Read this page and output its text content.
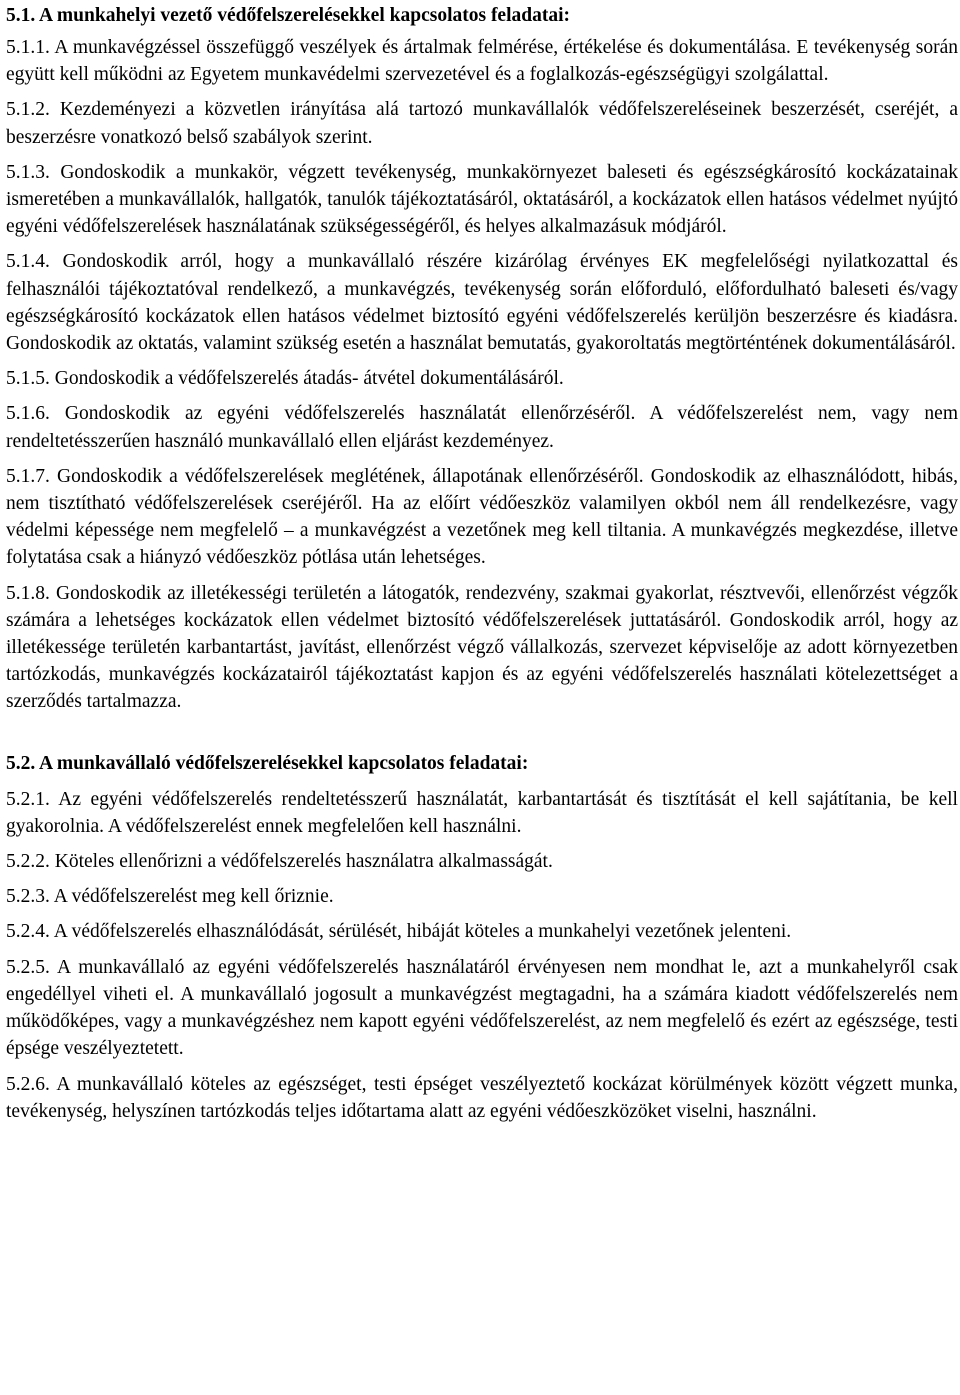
5.1. A munkahelyi vezető védőfelszerelésekkel kapcsolatos feladatai:

5.1.1. A munkavégzéssel összefüggő veszélyek és ártalmak felmérése, értékelése és dokumentálása. E tevékenység során együtt kell működni az Egyetem munkavédelmi szervezetével és a foglalkozás-egészségügyi szolgálattal.

5.1.2. Kezdeményezi a közvetlen irányítása alá tartozó munkavállalók védőfelszereléseinek beszerzését, cseréjét, a beszerzésre vonatkozó belső szabályok szerint.

5.1.3. Gondoskodik a munkakör, végzett tevékenység, munkakörnyezet baleseti és egészségkárosító kockázatainak ismeretében a munkavállalók, hallgatók, tanulók tájékoztatásáról, oktatásáról, a kockázatok ellen hatásos védelmet nyújtó egyéni védőfelszerelések használatának szükségességéről, és helyes alkalmazásuk módjáról.

5.1.4. Gondoskodik arról, hogy a munkavállaló részére kizárólag érvényes EK megfelelőségi nyilatkozattal és felhasználói tájékoztatóval rendelkező, a munkavégzés, tevékenység során előforduló, előfordulható baleseti és/vagy egészségkárosító kockázatok ellen hatásos védelmet biztosító egyéni védőfelszerelés kerüljön beszerzésre és kiadásra. Gondoskodik az oktatás, valamint szükség esetén a használat bemutatás, gyakoroltatás megtörténtének dokumentálásáról.

5.1.5. Gondoskodik a védőfelszerelés átadás- átvétel dokumentálásáról.

5.1.6. Gondoskodik az egyéni védőfelszerelés használatát ellenőrzéséről. A védőfelszerelést nem, vagy nem rendeltetésszerűen használó munkavállaló ellen eljárást kezdeményez.

5.1.7. Gondoskodik a védőfelszerelések meglétének, állapotának ellenőrzéséről. Gondoskodik az elhasználódott, hibás, nem tisztítható védőfelszerelések cseréjéről. Ha az előírt védőeszköz valamilyen okból nem áll rendelkezésre, vagy védelmi képessége nem megfelelő – a munkavégzést a vezetőnek meg kell tiltania. A munkavégzés megkezdése, illetve folytatása csak a hiányzó védőeszköz pótlása után lehetséges.

5.1.8. Gondoskodik az illetékességi területén a látogatók, rendezvény, szakmai gyakorlat, résztvevői, ellenőrzést végzők számára a lehetséges kockázatok ellen védelmet biztosító védőfelszerelések juttatásáról. Gondoskodik arról, hogy az illetékessége területén karbantartást, javítást, ellenőrzést végző vállalkozás, szervezet képviselője az adott környezetben tartózkodás, munkavégzés kockázatairól tájékoztatást kapjon és az egyéni védőfelszerelés használati kötelezettséget a szerződés tartalmazza.

5.2. A munkavállaló védőfelszerelésekkel kapcsolatos feladatai:

5.2.1. Az egyéni védőfelszerelés rendeltetésszerű használatát, karbantartását és tisztítását el kell sajátítania, be kell gyakorolnia. A védőfelszerelést ennek megfelelően kell használni.

5.2.2. Köteles ellenőrizni a védőfelszerelés használatra alkalmasságát.

5.2.3. A védőfelszerelést meg kell őriznie.

5.2.4. A védőfelszerelés elhasználódását, sérülését, hibáját köteles a munkahelyi vezetőnek jelenteni.

5.2.5. A munkavállaló az egyéni védőfelszerelés használatáról érvényesen nem mondhat le, azt a munkahelyről csak engedéllyel viheti el. A munkavállaló jogosult a munkavégzést megtagadni, ha a számára kiadott védőfelszerelés nem működőképes, vagy a munkavégzéshez nem kapott egyéni védőfelszerelést, az nem megfelelő és ezért az egészsége, testi épsége veszélyeztetett.

5.2.6. A munkavállaló köteles az egészséget, testi épséget veszélyeztető kockázat körülmények között végzett munka, tevékenység, helyszínen tartózkodás teljes időtartama alatt az egyéni védőeszközöket viselni, használni.
